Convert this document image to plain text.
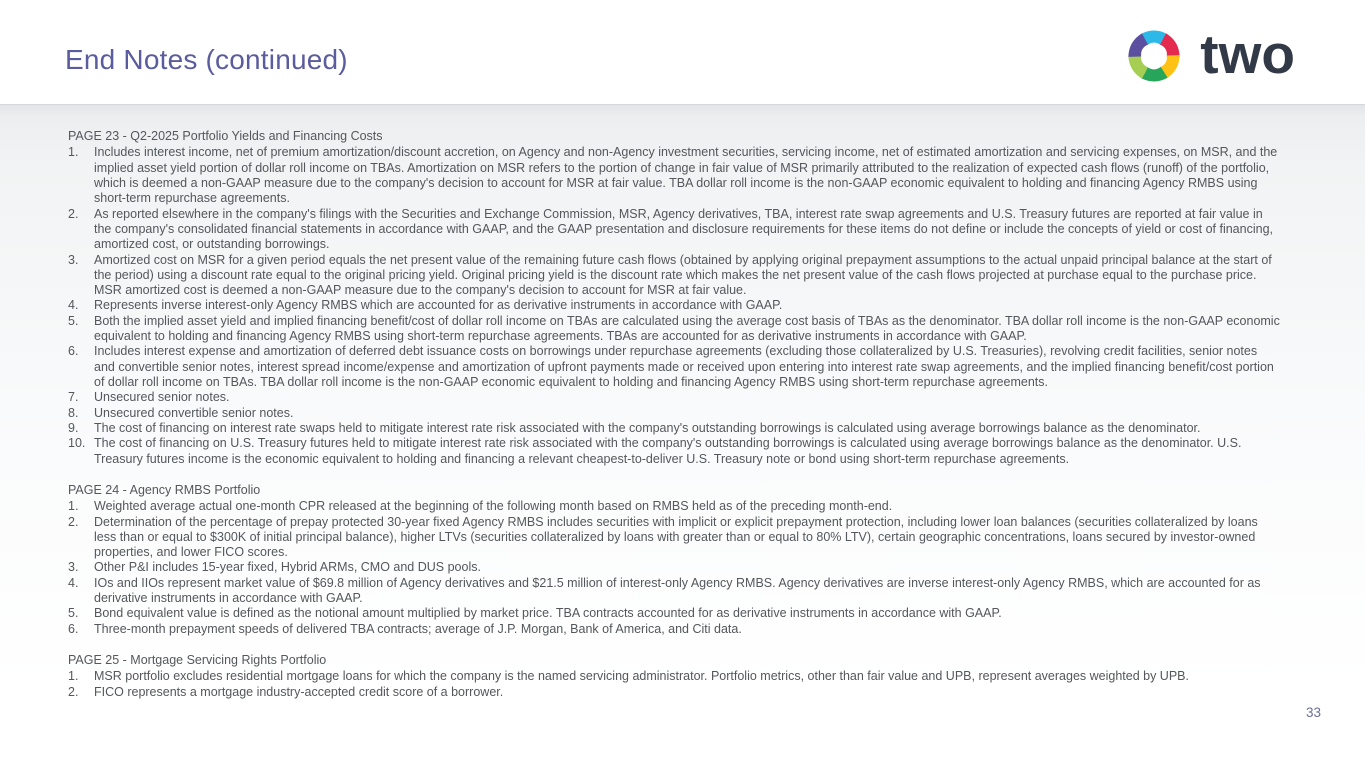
End Notes (continued)	two
PAGE 23 - Q2-2025 Portfolio Yields and Financing Costs
1.	Includes interest income, net of premium amortization/discount accretion, on Agency and non-Agency investment securities, servicing income, net of estimated amortization and servicing expenses, on MSR, and the implied asset yield portion of dollar roll income on TBAs. Amortization on MSR refers to the portion of change in fair value of MSR primarily attributed to the realization of expected cash flows (runoff) of the portfolio, which is deemed a non-GAAP measure due to the company's decision to account for MSR at fair value. TBA dollar roll income is the non-GAAP economic equivalent to holding and financing Agency RMBS using short-term repurchase agreements.
2.	As reported elsewhere in the company's filings with the Securities and Exchange Commission, MSR, Agency derivatives, TBA, interest rate swap agreements and U.S. Treasury futures are reported at fair value in the company's consolidated financial statements in accordance with GAAP, and the GAAP presentation and disclosure requirements for these items do not define or include the concepts of yield or cost of financing, amortized cost, or outstanding borrowings.
3.	Amortized cost on MSR for a given period equals the net present value of the remaining future cash flows (obtained by applying original prepayment assumptions to the actual unpaid principal balance at the start of the period) using a discount rate equal to the original pricing yield. Original pricing yield is the discount rate which makes the net present value of the cash flows projected at purchase equal to the purchase price. MSR amortized cost is deemed a non-GAAP measure due to the company's decision to account for MSR at fair value.
4.	Represents inverse interest-only Agency RMBS which are accounted for as derivative instruments in accordance with GAAP.
5.	Both the implied asset yield and implied financing benefit/cost of dollar roll income on TBAs are calculated using the average cost basis of TBAs as the denominator. TBA dollar roll income is the non-GAAP economic equivalent to holding and financing Agency RMBS using short-term repurchase agreements. TBAs are accounted for as derivative instruments in accordance with GAAP.
6.	Includes interest expense and amortization of deferred debt issuance costs on borrowings under repurchase agreements (excluding those collateralized by U.S. Treasuries), revolving credit facilities, senior notes and convertible senior notes, interest spread income/expense and amortization of upfront payments made or received upon entering into interest rate swap agreements, and the implied financing benefit/cost portion of dollar roll income on TBAs. TBA dollar roll income is the non-GAAP economic equivalent to holding and financing Agency RMBS using short-term repurchase agreements.
7.	Unsecured senior notes.
8.	Unsecured convertible senior notes.
9.	The cost of financing on interest rate swaps held to mitigate interest rate risk associated with the company's outstanding borrowings is calculated using average borrowings balance as the denominator.
10. The cost of financing on U.S. Treasury futures held to mitigate interest rate risk associated with the company's outstanding borrowings is calculated using average borrowings balance as the denominator. U.S. Treasury futures income is the economic equivalent to holding and financing a relevant cheapest-to-deliver U.S. Treasury note or bond using short-term repurchase agreements.
PAGE 24 - Agency RMBS Portfolio
1.	Weighted average actual one-month CPR released at the beginning of the following month based on RMBS held as of the preceding month-end.
2.	Determination of the percentage of prepay protected 30-year fixed Agency RMBS includes securities with implicit or explicit prepayment protection, including lower loan balances (securities collateralized by loans less than or equal to $300K of initial principal balance), higher LTVs (securities collateralized by loans with greater than or equal to 80% LTV), certain geographic concentrations, loans secured by investor-owned properties, and lower FICO scores.
3.	Other P&I includes 15-year fixed, Hybrid ARMs, CMO and DUS pools.
4.	IOs and IIOs represent market value of $69.8 million of Agency derivatives and $21.5 million of interest-only Agency RMBS. Agency derivatives are inverse interest-only Agency RMBS, which are accounted for as derivative instruments in accordance with GAAP.
5.	Bond equivalent value is defined as the notional amount multiplied by market price. TBA contracts accounted for as derivative instruments in accordance with GAAP.
6.	Three-month prepayment speeds of delivered TBA contracts; average of J.P. Morgan, Bank of America, and Citi data.
PAGE 25 - Mortgage Servicing Rights Portfolio
1.	MSR portfolio excludes residential mortgage loans for which the company is the named servicing administrator. Portfolio metrics, other than fair value and UPB, represent averages weighted by UPB.
2.	FICO represents a mortgage industry-accepted credit score of a borrower.
33
